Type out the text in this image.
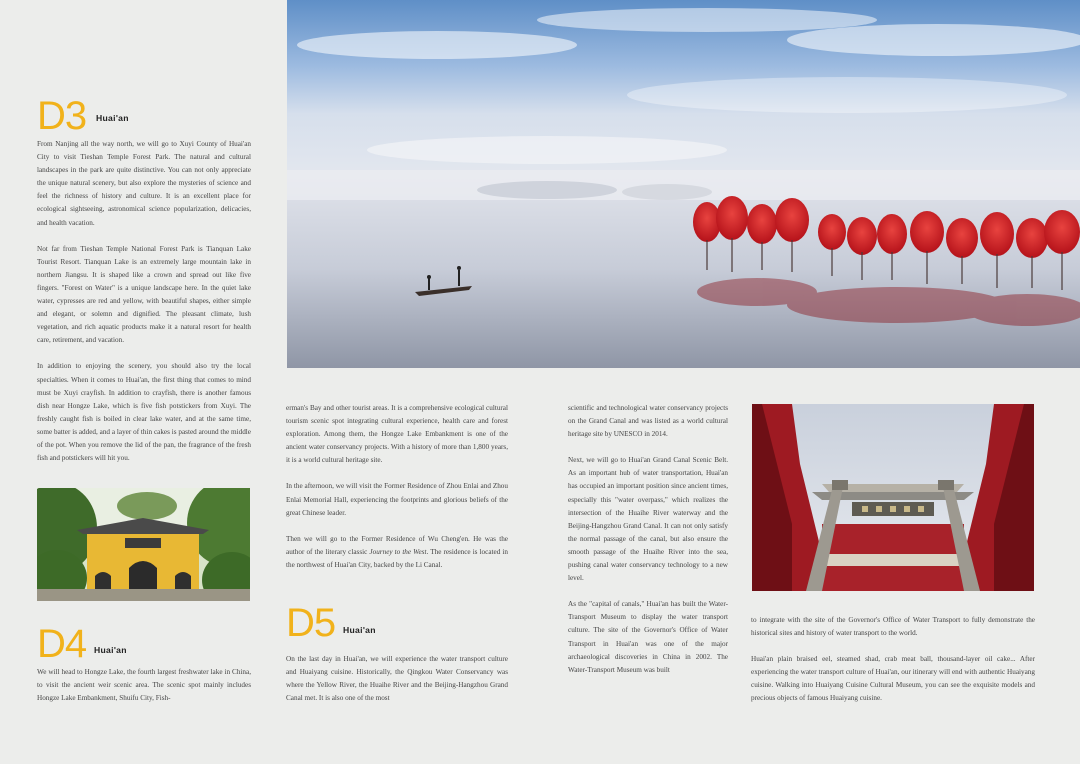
D3 Huai'an

From Nanjing all the way north, we will go to Xuyi County of Huai'an City to visit Tieshan Temple Forest Park. The natural and cultural landscapes in the park are quite distinctive. You can not only appreciate the unique natural scenery, but also explore the mysteries of science and feel the richness of history and culture. It is an excellent place for ecological sightseeing, astronomical science popularization, delicacies, and health vacation.

Not far from Tieshan Temple National Forest Park is Tianquan Lake Tourist Resort. Tianquan Lake is an extremely large mountain lake in northern Jiangsu. It is shaped like a crown and spread out like five fingers. "Forest on Water" is a unique landscape here. In the quiet lake water, cypresses are red and yellow, with beautiful shapes, either simple and elegant, or solemn and dignified. The pleasant climate, lush vegetation, and rich aquatic products make it a natural resort for health care, retirement, and vacation.

In addition to enjoying the scenery, you should also try the local specialties. When it comes to Huai'an, the first thing that comes to mind must be Xuyi crayfish. In addition to crayfish, there is another famous dish near Hongze Lake, which is five fish potstickers from Xuyi. The freshly caught fish is boiled in clear lake water, and at the same time, some batter is added, and a layer of thin cakes is pasted around the middle of the pot. When you remove the lid of the pan, the fragrance of the fresh fish and potstickers will hit you.

D4 Huai'an
We will head to Hongze Lake, the fourth largest freshwater lake in China, to visit the ancient weir scenic area. The scenic spot mainly includes Hongze Lake Embankment, Shuifu City, Fish-

erman's Bay and other tourist areas. It is a comprehensive ecological cultural tourism scenic spot integrating cultural experience, health care and forest exploration. Among them, the Hongze Lake Embankment is one of the ancient water conservancy projects. With a history of more than 1,800 years, it is a world cultural heritage site.

In the afternoon, we will visit the Former Residence of Zhou Enlai and Zhou Enlai Memorial Hall, experiencing the footprints and glorious beliefs of the great Chinese leader.

Then we will go to the Former Residence of Wu Cheng'en. He was the author of the literary classic Journey to the West. The residence is located in the northwest of Huai'an City, backed by the Li Canal.

D5 Huai'an
On the last day in Huai'an, we will experience the water transport culture and Huaiyang cuisine. Historically, the Qingkou Water Conservancy was where the Yellow River, the Huaihe River and the Beijing-Hangzhou Grand Canal met. It is also one of the most

scientific and technological water conservancy projects on the Grand Canal and was listed as a world cultural heritage site by UNESCO in 2014.

Next, we will go to Huai'an Grand Canal Scenic Belt. As an important hub of water transportation, Huai'an has occupied an important position since ancient times, especially this "water overpass," which realizes the intersection of the Huaihe River waterway and the Beijing-Hangzhou Grand Canal. It can not only satisfy the normal passage of the canal, but also ensure the smooth passage of the Huaihe River into the sea, pushing canal water conservancy technology to a new level.

As the "capital of canals," Huai'an has built the Water-Transport Museum to display the water transport culture. The site of the Governor's Office of Water Transport in Huai'an was one of the major archaeological discoveries in China in 2002. The Water-Transport Museum was built

to integrate with the site of the Governor's Office of Water Transport to fully demonstrate the historical sites and history of water transport to the world.

Huai'an plain braised eel, steamed shad, crab meat ball, thousand-layer oil cake... After experiencing the water transport culture of Huai'an, our itinerary will end with authentic Huaiyang cuisine. Walking into Huaiyang Cuisine Cultural Museum, you can see the exquisite models and precious objects of famous Huaiyang cuisine.
